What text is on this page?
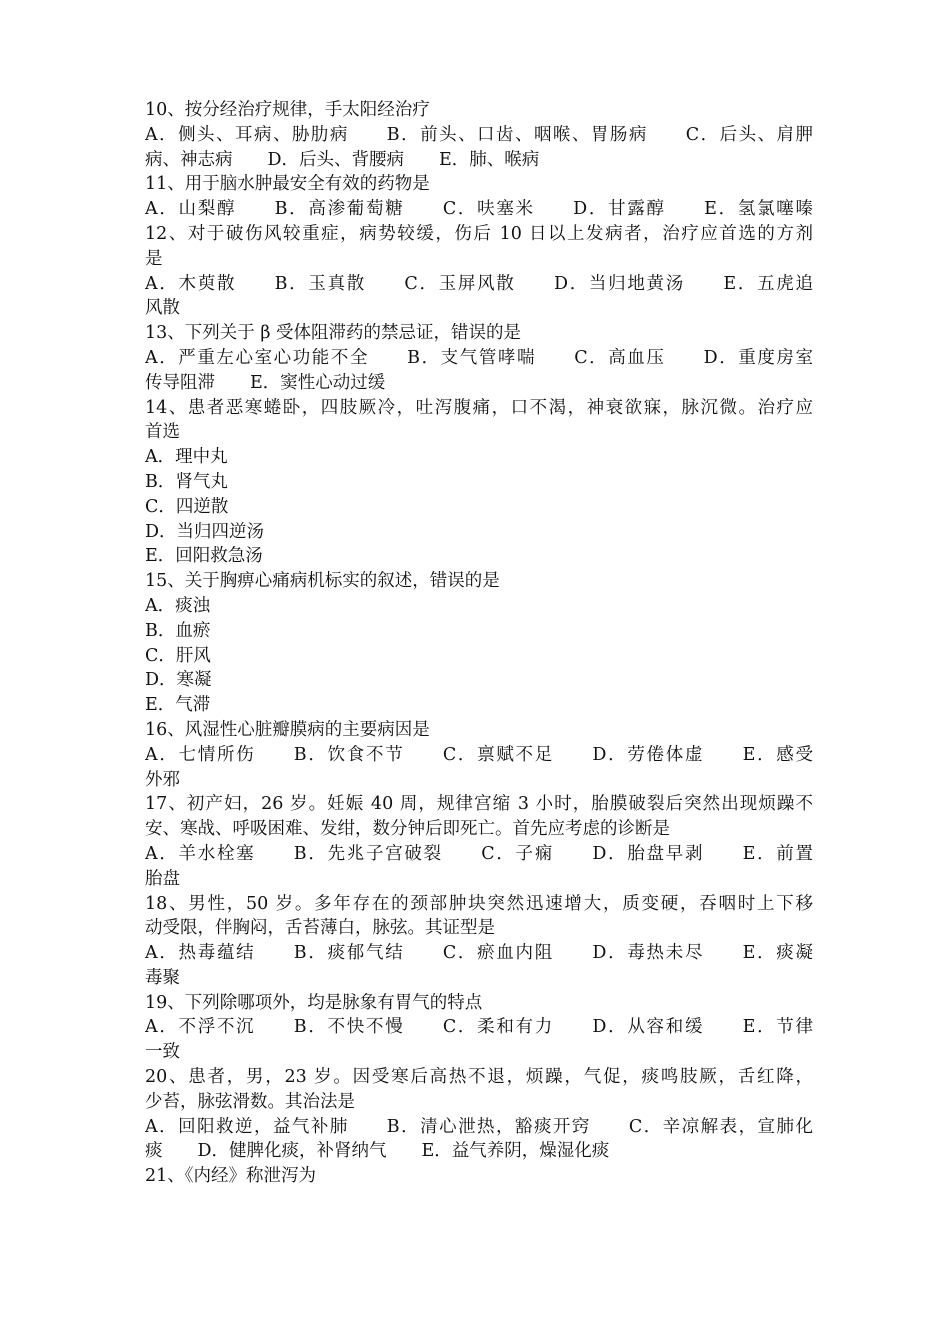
10、按分经治疗规律，手太阳经治疗
A．侧头、耳病、胁肋病　　B．前头、口齿、咽喉、胃肠病　　C．后头、肩胛
病、神志病　　D．后头、背腰病　　E．肺、喉病
11、用于脑水肿最安全有效的药物是
A．山梨醇　　B．高渗葡萄糖　　C．呋塞米　　D．甘露醇　　E．氢氯噻嗪
12、对于破伤风较重症，病势较缓，伤后 10 日以上发病者，治疗应首选的方剂
是
A．木萸散　　B．玉真散　　C．玉屏风散　　D．当归地黄汤　　E．五虎追
风散
13、下列关于 β 受体阻滞药的禁忌证，错误的是
A．严重左心室心功能不全　　B．支气管哮喘　　C．高血压　　D．重度房室
传导阻滞　　E．窦性心动过缓
14、患者恶寒蜷卧，四肢厥冷，吐泻腹痛，口不渴，神衰欲寐，脉沉微。治疗应
首选
A．理中丸
B．肾气丸
C．四逆散
D．当归四逆汤
E．回阳救急汤
15、关于胸痹心痛病机标实的叙述，错误的是
A．痰浊
B．血瘀
C．肝风
D．寒凝
E．气滞
16、风湿性心脏瓣膜病的主要病因是
A．七情所伤　　B．饮食不节　　C．禀赋不足　　D．劳倦体虚　　E．感受
外邪
17、初产妇，26 岁。妊娠 40 周，规律宫缩 3 小时，胎膜破裂后突然出现烦躁不
安、寒战、呼吸困难、发绀，数分钟后即死亡。首先应考虑的诊断是
A．羊水栓塞　　B．先兆子宫破裂　　C．子痫　　D．胎盘早剥　　E．前置
胎盘
18、男性，50 岁。多年存在的颈部肿块突然迅速增大，质变硬，吞咽时上下移
动受限，伴胸闷，舌苔薄白，脉弦。其证型是
A．热毒蕴结　　B．痰郁气结　　C．瘀血内阻　　D．毒热未尽　　E．痰凝
毒聚
19、下列除哪项外，均是脉象有胃气的特点
A．不浮不沉　　B．不快不慢　　C．柔和有力　　D．从容和缓　　E．节律
一致
20、患者，男，23 岁。因受寒后高热不退，烦躁，气促，痰鸣肢厥，舌红降，
少苔，脉弦滑数。其治法是
A．回阳救逆，益气补肺　　B．清心泄热，豁痰开窍　　C．辛凉解表，宣肺化
痰　　D．健脾化痰，补肾纳气　　E．益气养阴，燥湿化痰
21、《内经》称泄泻为
